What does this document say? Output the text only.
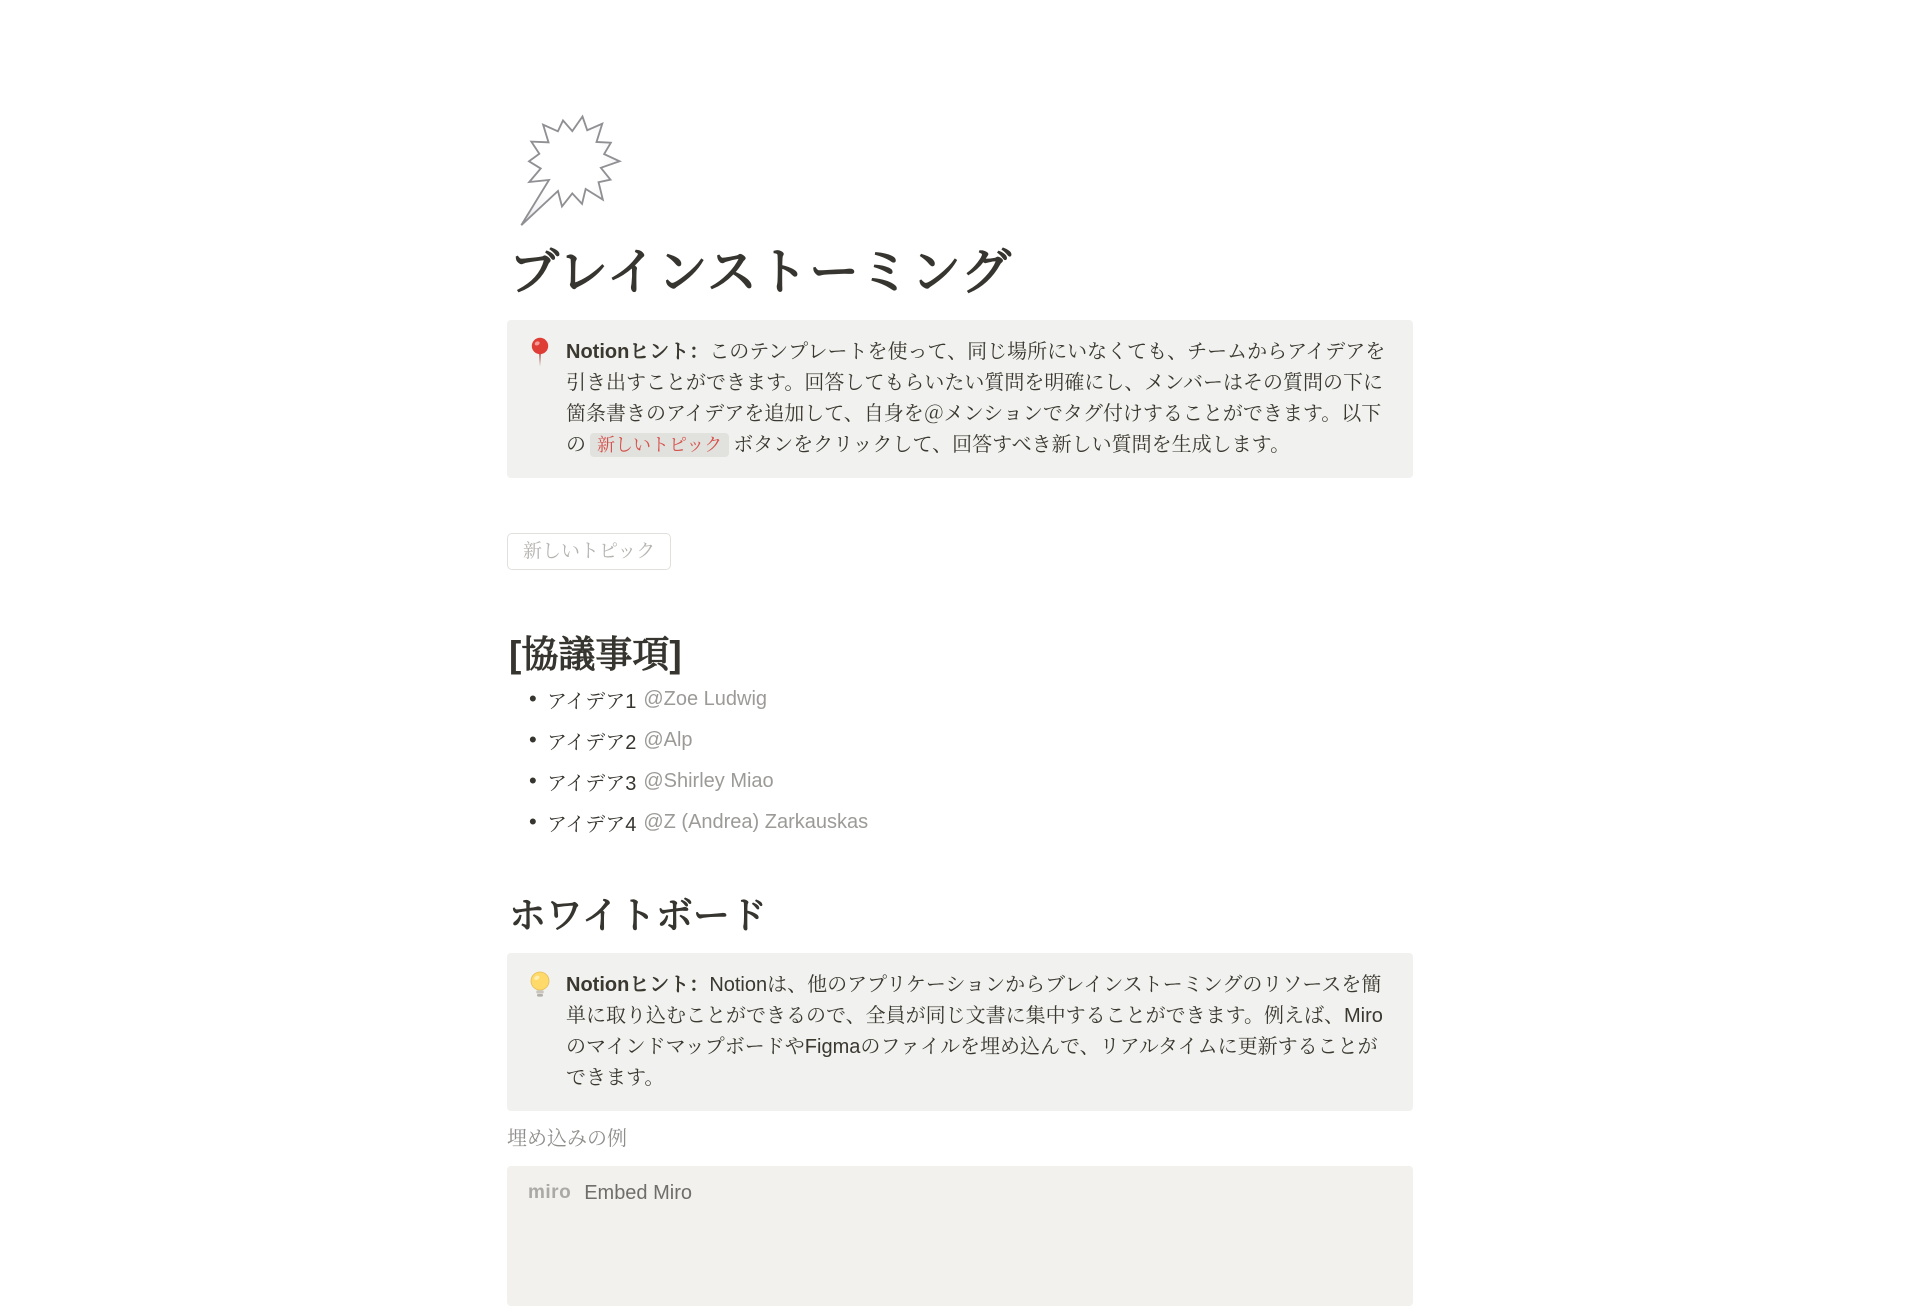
ブレインストーミング
Notionヒント：このテンプレートを使って、同じ場所にいなくても、チームからアイデアを引き出すことができます。回答してもらいたい質問を明確にし、メンバーはその質問の下に箇条書きのアイデアを追加して、自身を＠メンションでタグ付けすることができます。以下の 新しいトピック ボタンをクリックして、回答すべき新しい質問を生成します。
新しいトピック
[協議事項]
• アイデア1 @Zoe Ludwig
• アイデア2 @Alp
• アイデア3 @Shirley Miao
• アイデア4 @Z (Andrea) Zarkauskas
ホワイトボード
Notionヒント：Notionは、他のアプリケーションからブレインストーミングのリソースを簡単に取り込むことができるので、全員が同じ文書に集中することができます。例えば、MiroのマインドマップボードやFigmaのファイルを埋め込んで、リアルタイムに更新することができます。
埋め込みの例
miro Embed Miro
